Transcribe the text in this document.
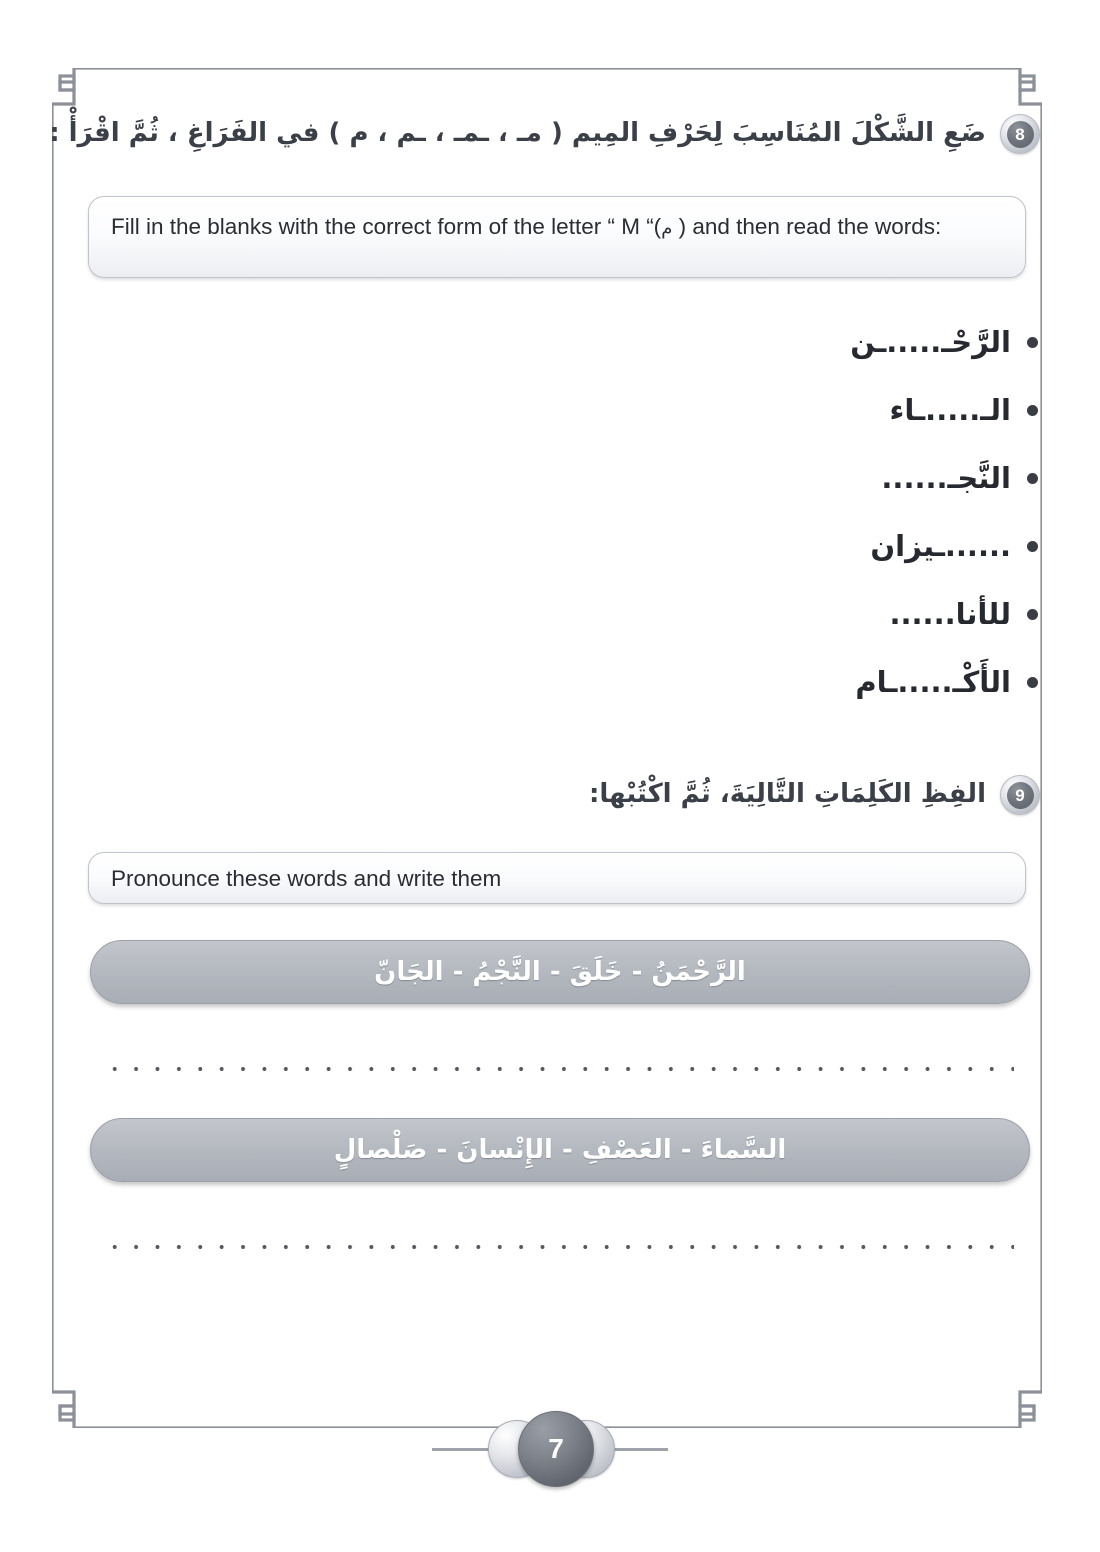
8
ضَعِ الشَّكْلَ المُنَاسِبَ لِحَرْفِ المِيم ( مـ ، ـمـ ، ـم ، م ) في الفَرَاغِ ، ثُمَّ اقْرَأْ :
Fill in the blanks with the correct form of the letter “ M “(م ) and then read the words:
الرَّحْـ.....ـن
الـ.....ـاء
النَّجـ......
......ـيزان
للأنا......
الأَكْـ.....ـام
9
الفِظِ الكَلِمَاتِ التَّالِيَةَ، ثُمَّ اكْتُبْها:
Pronounce these words and write them
الرَّحْمَنُ - خَلَقَ - النَّجْمُ - الجَانّ
السَّماءَ - العَصْفِ - الإِنْسانَ - صَلْصالٍ
7
